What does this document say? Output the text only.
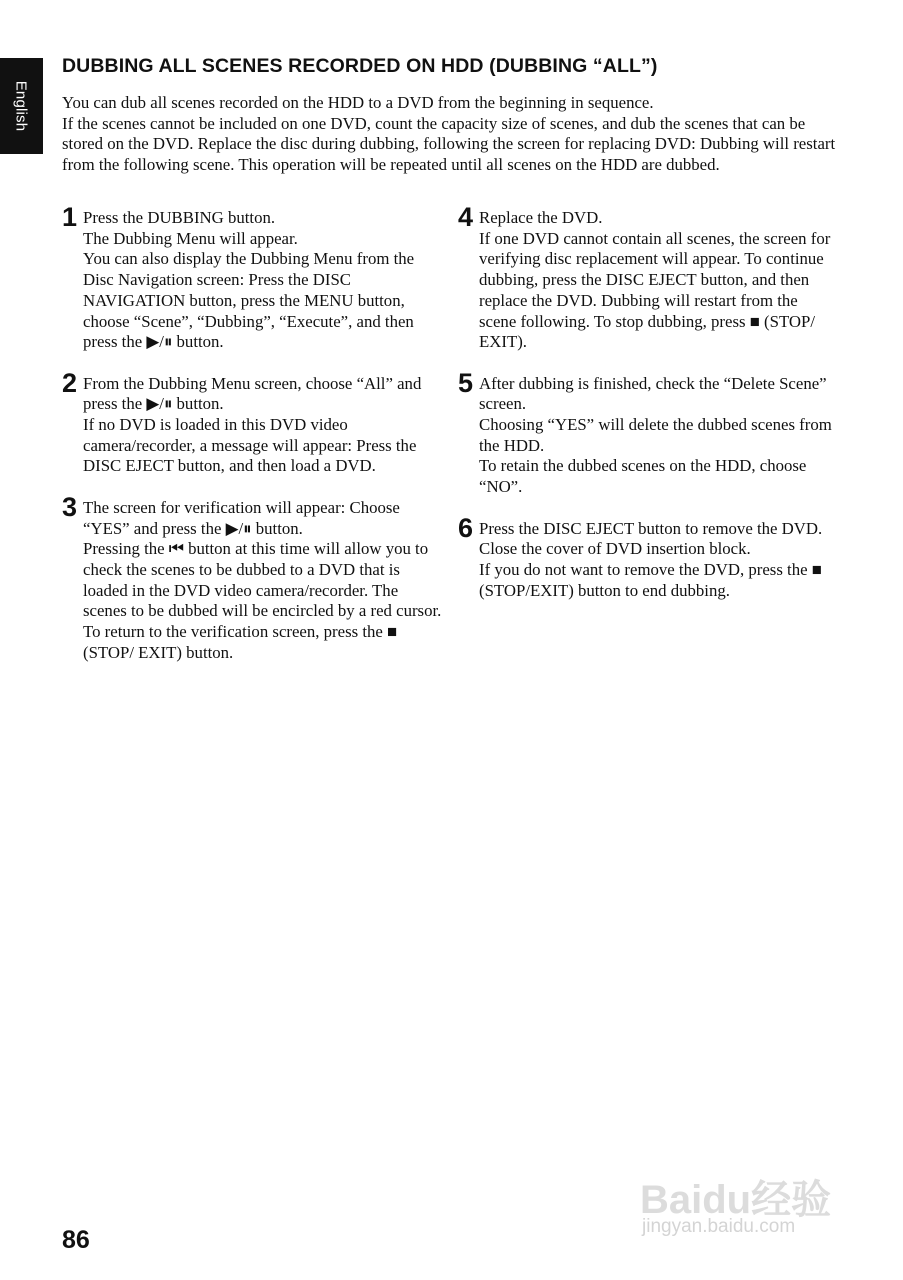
English
DUBBING ALL SCENES RECORDED ON HDD (DUBBING “ALL”)

You can dub all scenes recorded on the HDD to a DVD from the beginning in sequence.

If the scenes cannot be included on one DVD, count the capacity size of scenes, and dub the scenes that can be stored on the DVD. Replace the disc during dubbing, following the screen for replacing DVD: Dubbing will restart from the following scene. This operation will be repeated until all scenes on the HDD are dubbed.

1 Press the DUBBING button.
The Dubbing Menu will appear.
You can also display the Dubbing Menu from the Disc Navigation screen: Press the DISC NAVIGATION button, press the MENU button, choose “Scene”, “Dubbing”, “Execute”, and then press the ▶/⏸ button.
2 From the Dubbing Menu screen, choose “All” and press the ▶/⏸ button.
If no DVD is loaded in this DVD video camera/recorder, a message will appear: Press the DISC EJECT button, and then load a DVD.
3 The screen for verification will appear: Choose “YES” and press the ▶/⏸ button.
Pressing the ⏮ button at this time will allow you to check the scenes to be dubbed to a DVD that is loaded in the DVD video camera/recorder. The scenes to be dubbed will be encircled by a red cursor. To return to the verification screen, press the ■ (STOP/ EXIT) button.
4 Replace the DVD.
If one DVD cannot contain all scenes, the screen for verifying disc replacement will appear. To continue dubbing, press the DISC EJECT button, and then replace the DVD. Dubbing will restart from the scene following. To stop dubbing, press ■ (STOP/ EXIT).
5 After dubbing is finished, check the “Delete Scene” screen.
Choosing “YES” will delete the dubbed scenes from the HDD.
To retain the dubbed scenes on the HDD, choose “NO”.
6 Press the DISC EJECT button to remove the DVD.
Close the cover of DVD insertion block.
If you do not want to remove the DVD, press the ■ (STOP/EXIT) button to end dubbing.
Baidu经验
jingyan.baidu.com
86
